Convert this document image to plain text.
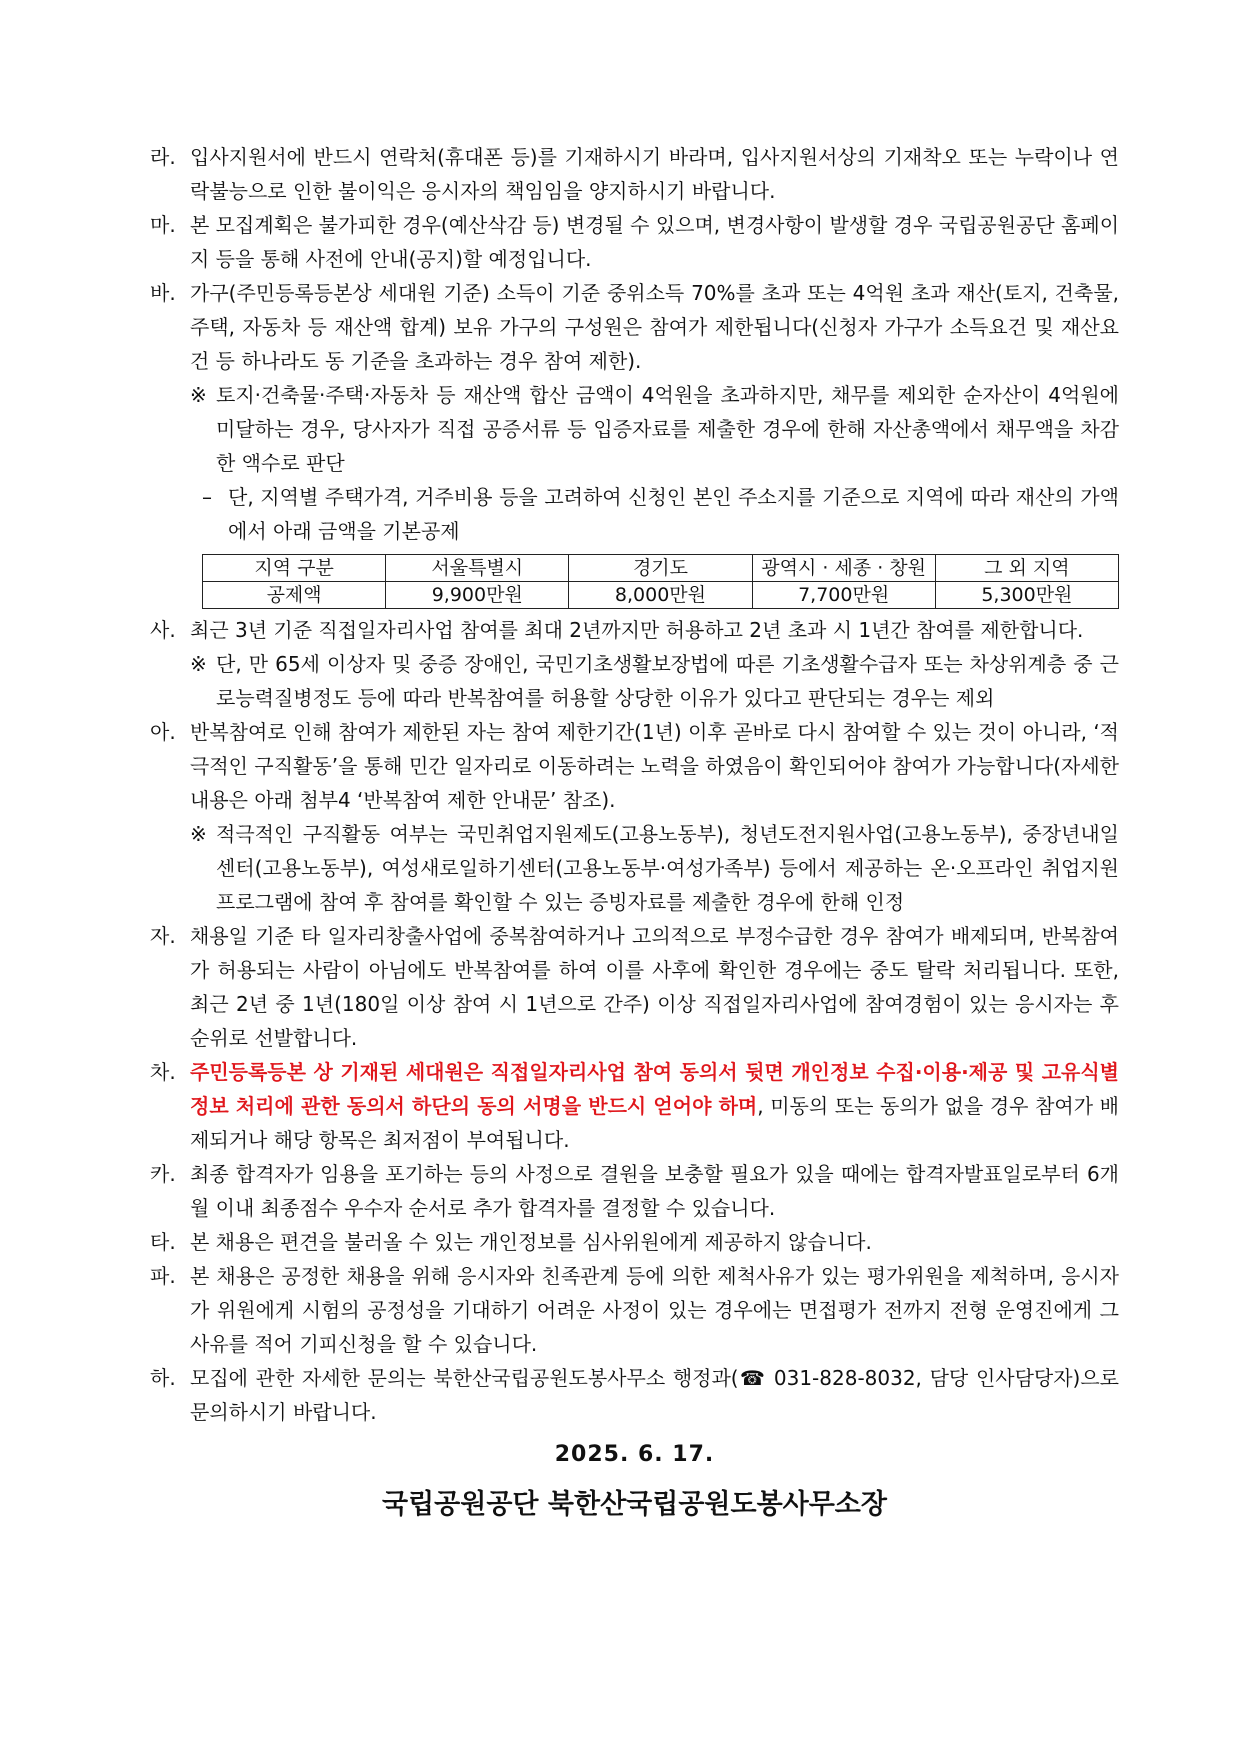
라. 입사지원서에 반드시 연락처(휴대폰 등)를 기재하시기 바라며, 입사지원서상의 기재착오 또는 누락이나 연락불능으로 인한 불이익은 응시자의 책임임을 양지하시기 바랍니다.
마. 본 모집계획은 불가피한 경우(예산삭감 등) 변경될 수 있으며, 변경사항이 발생할 경우 국립공원공단 홈페이지 등을 통해 사전에 안내(공지)할 예정입니다.
바. 가구(주민등록등본상 세대원 기준) 소득이 기준 중위소득 70%를 초과 또는 4억원 초과 재산(토지, 건축물, 주택, 자동차 등 재산액 합계) 보유 가구의 구성원은 참여가 제한됩니다(신청자 가구가 소득요건 및 재산요건 등 하나라도 동 기준을 초과하는 경우 참여 제한).
※ 토지·건축물·주택·자동차 등 재산액 합산 금액이 4억원을 초과하지만, 채무를 제외한 순자산이 4억원에 미달하는 경우, 당사자가 직접 공증서류 등 입증자료를 제출한 경우에 한해 자산총액에서 채무액을 차감한 액수로 판단
– 단, 지역별 주택가격, 거주비용 등을 고려하여 신청인 본인 주소지를 기준으로 지역에 따라 재산의 가액에서 아래 금액을 기본공제
지역 구분	서울특별시	경기도	광역시 · 세종 · 창원	그 외 지역
공제액	9,900만원	8,000만원	7,700만원	5,300만원
사. 최근 3년 기준 직접일자리사업 참여를 최대 2년까지만 허용하고 2년 초과 시 1년간 참여를 제한합니다.
※ 단, 만 65세 이상자 및 중증 장애인, 국민기초생활보장법에 따른 기초생활수급자 또는 차상위계층 중 근로능력질병정도 등에 따라 반복참여를 허용할 상당한 이유가 있다고 판단되는 경우는 제외
아. 반복참여로 인해 참여가 제한된 자는 참여 제한기간(1년) 이후 곧바로 다시 참여할 수 있는 것이 아니라, ‘적극적인 구직활동’을 통해 민간 일자리로 이동하려는 노력을 하였음이 확인되어야 참여가 가능합니다(자세한 내용은 아래 첨부4 ‘반복참여 제한 안내문’ 참조).
※ 적극적인 구직활동 여부는 국민취업지원제도(고용노동부), 청년도전지원사업(고용노동부), 중장년내일센터(고용노동부), 여성새로일하기센터(고용노동부·여성가족부) 등에서 제공하는 온·오프라인 취업지원 프로그램에 참여 후 참여를 확인할 수 있는 증빙자료를 제출한 경우에 한해 인정
자. 채용일 기준 타 일자리창출사업에 중복참여하거나 고의적으로 부정수급한 경우 참여가 배제되며, 반복참여가 허용되는 사람이 아님에도 반복참여를 하여 이를 사후에 확인한 경우에는 중도 탈락 처리됩니다. 또한, 최근 2년 중 1년(180일 이상 참여 시 1년으로 간주) 이상 직접일자리사업에 참여경험이 있는 응시자는 후순위로 선발합니다.
차. 주민등록등본 상 기재된 세대원은 직접일자리사업 참여 동의서 뒷면 개인정보 수집·이용·제공 및 고유식별정보 처리에 관한 동의서 하단의 동의 서명을 반드시 얻어야 하며, 미동의 또는 동의가 없을 경우 참여가 배제되거나 해당 항목은 최저점이 부여됩니다.
카. 최종 합격자가 임용을 포기하는 등의 사정으로 결원을 보충할 필요가 있을 때에는 합격자발표일로부터 6개월 이내 최종점수 우수자 순서로 추가 합격자를 결정할 수 있습니다.
타. 본 채용은 편견을 불러올 수 있는 개인정보를 심사위원에게 제공하지 않습니다.
파. 본 채용은 공정한 채용을 위해 응시자와 친족관계 등에 의한 제척사유가 있는 평가위원을 제척하며, 응시자가 위원에게 시험의 공정성을 기대하기 어려운 사정이 있는 경우에는 면접평가 전까지 전형 운영진에게 그 사유를 적어 기피신청을 할 수 있습니다.
하. 모집에 관한 자세한 문의는 북한산국립공원도봉사무소 행정과(☎ 031-828-8032, 담당 인사담당자)으로 문의하시기 바랍니다.
2025. 6. 17.
국립공원공단 북한산국립공원도봉사무소장
